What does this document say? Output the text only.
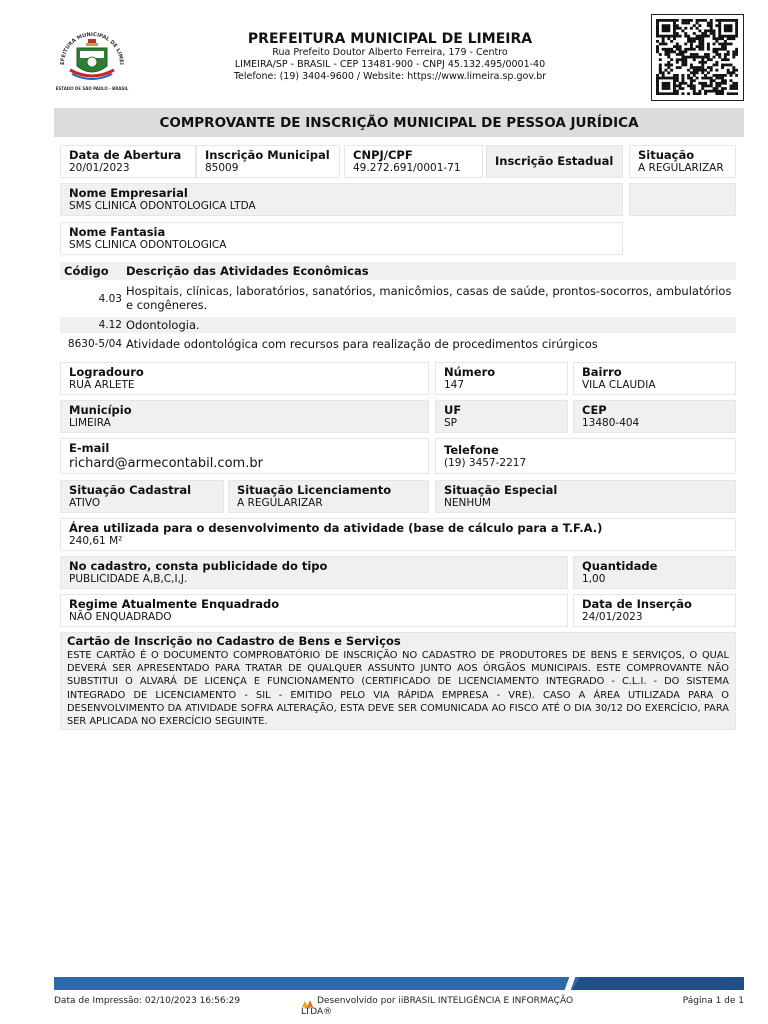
EFEITURA MUNICIPAL DE LIMEI
ESTADO DE SÃO PAULO - BRASIL
PREFEITURA MUNICIPAL DE LIMEIRA
Rua Prefeito Doutor Alberto Ferreira, 179 - Centro
LIMEIRA/SP - BRASIL - CEP 13481-900 - CNPJ 45.132.495/0001-40
Telefone: (19) 3404-9600 / Website: https://www.limeira.sp.gov.br
COMPROVANTE DE INSCRIÇÃO MUNICIPAL DE PESSOA JURÍDICA
Data de Abertura
20/01/2023
Inscrição Municipal
85009
CNPJ/CPF
49.272.691/0001-71	Inscrição Estadual Situação
A REGULARIZAR
Nome Empresarial
SMS CLINICA ODONTOLOGICA LTDA
Nome Fantasia
SMS CLINICA ODONTOLOGICA
Código Descrição das Atividades Econômicas
4.03
Hospitais, clínicas, laboratórios, sanatórios, manicômios, casas de saúde, prontos-socorros, ambulatórios e congêneres.
4.12 Odontologia.
8630-5/04 Atividade odontológica com recursos para realização de procedimentos cirúrgicos
Logradouro
RUA ARLETE
Número
147
Bairro
VILA CLAUDIA
Município
LIMEIRA
UF
SP
CEP
13480-404
E-mail
richard@armecontabil.com.br
Telefone
(19) 3457-2217
Situação Cadastral
ATIVO
Situação Licenciamento
A REGULARIZAR
Situação Especial
NENHUM
Área utilizada para o desenvolvimento da atividade (base de cálculo para a T.F.A.)
240,61 M²
No cadastro, consta publicidade do tipo
PUBLICIDADE A,B,C,I,J.
Quantidade
1,00
Regime Atualmente Enquadrado
NÃO ENQUADRADO
Data de Inserção
24/01/2023
Cartão de Inscrição no Cadastro de Bens e Serviços
ESTE CARTÃO É O DOCUMENTO COMPROBATÓRIO DE INSCRIÇÃO NO CADASTRO DE PRODUTORES DE BENS E SERVIÇOS, O QUAL DEVERÁ SER APRESENTADO PARA TRATAR DE QUALQUER ASSUNTO JUNTO AOS ÓRGÃOS MUNICIPAIS. ESTE COMPROVANTE NÃO SUBSTITUI O ALVARÁ DE LICENÇA E FUNCIONAMENTO (CERTIFICADO DE LICENCIAMENTO INTEGRADO - C.L.I. - DO SISTEMA INTEGRADO DE LICENCIAMENTO - SIL - EMITIDO PELO VIA RÁPIDA EMPRESA - VRE). CASO A ÁREA UTILIZADA PARA O DESENVOLVIMENTO DA ATIVIDADE SOFRA ALTERAÇÃO, ESTA DEVE SER COMUNICADA AO FISCO ATÉ O DIA 30/12 DO EXERCÍCIO, PARA SER APLICADA NO EXERCÍCIO SEGUINTE.
Data de Impressão: 02/10/2023 16:56:29	Desenvolvido por iiBRASIL INTELIGÊNCIA E INFORMAÇÃO LTDA®
Página 1 de 1
